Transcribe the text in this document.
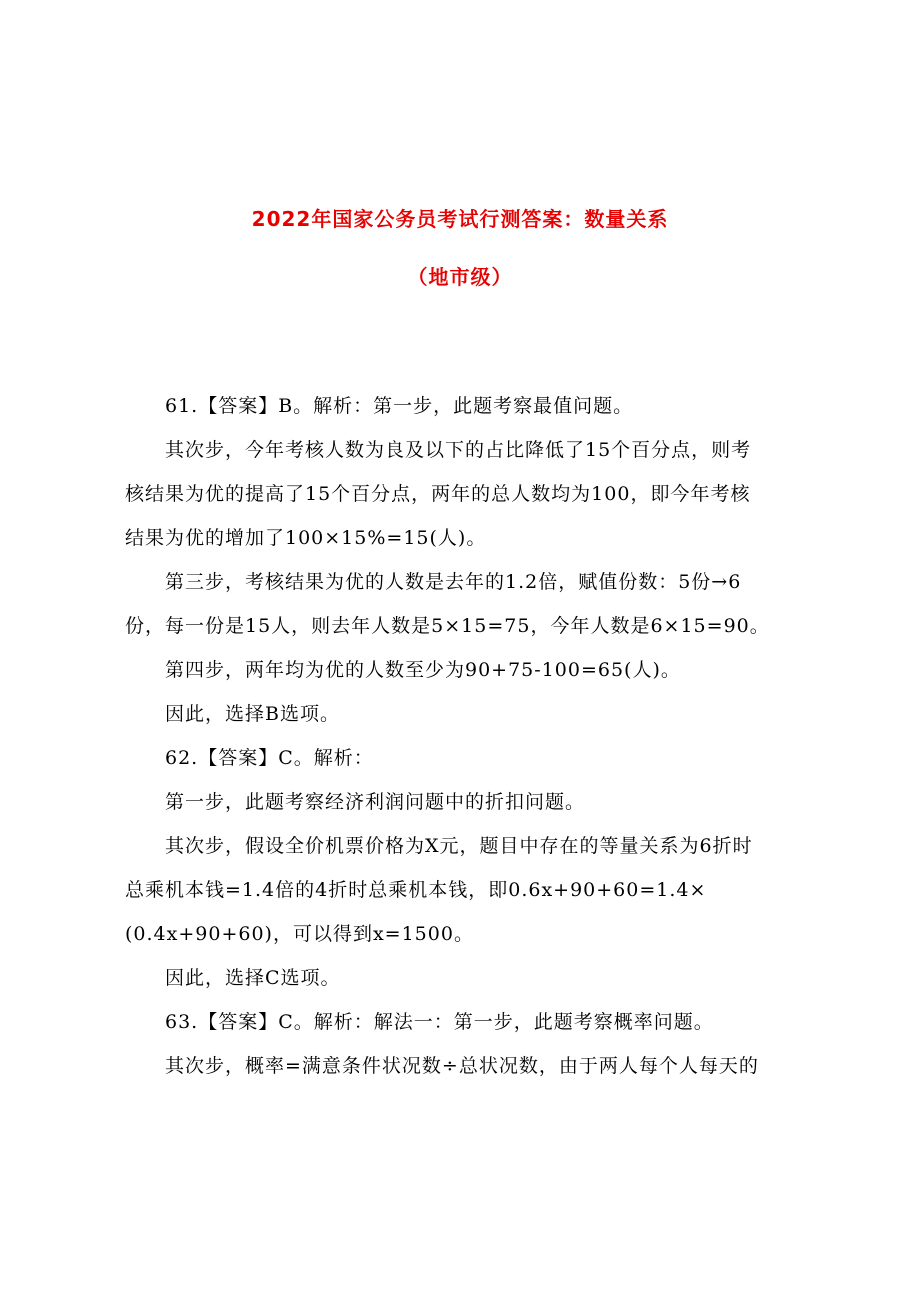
2022年国家公务员考试行测答案：数量关系
（地市级）

61.【答案】B。解析：第一步，此题考察最值问题。

其次步，今年考核人数为良及以下的占比降低了15个百分点，则考

核结果为优的提高了15个百分点，两年的总人数均为100，即今年考核

结果为优的增加了100×15%=15(人)。

第三步，考核结果为优的人数是去年的1.2倍，赋值份数：5份→6

份，每一份是15人，则去年人数是5×15=75，今年人数是6×15=90。

第四步，两年均为优的人数至少为90+75-100=65(人)。

因此，选择B选项。

62.【答案】C。解析：

第一步，此题考察经济利润问题中的折扣问题。

其次步，假设全价机票价格为X元，题目中存在的等量关系为6折时

总乘机本钱=1.4倍的4折时总乘机本钱，即0.6x+90+60=1.4×

(0.4x+90+60)，可以得到x=1500。

因此，选择C选项。

63.【答案】C。解析：解法一：第一步，此题考察概率问题。

其次步，概率=满意条件状况数÷总状况数，由于两人每个人每天的
